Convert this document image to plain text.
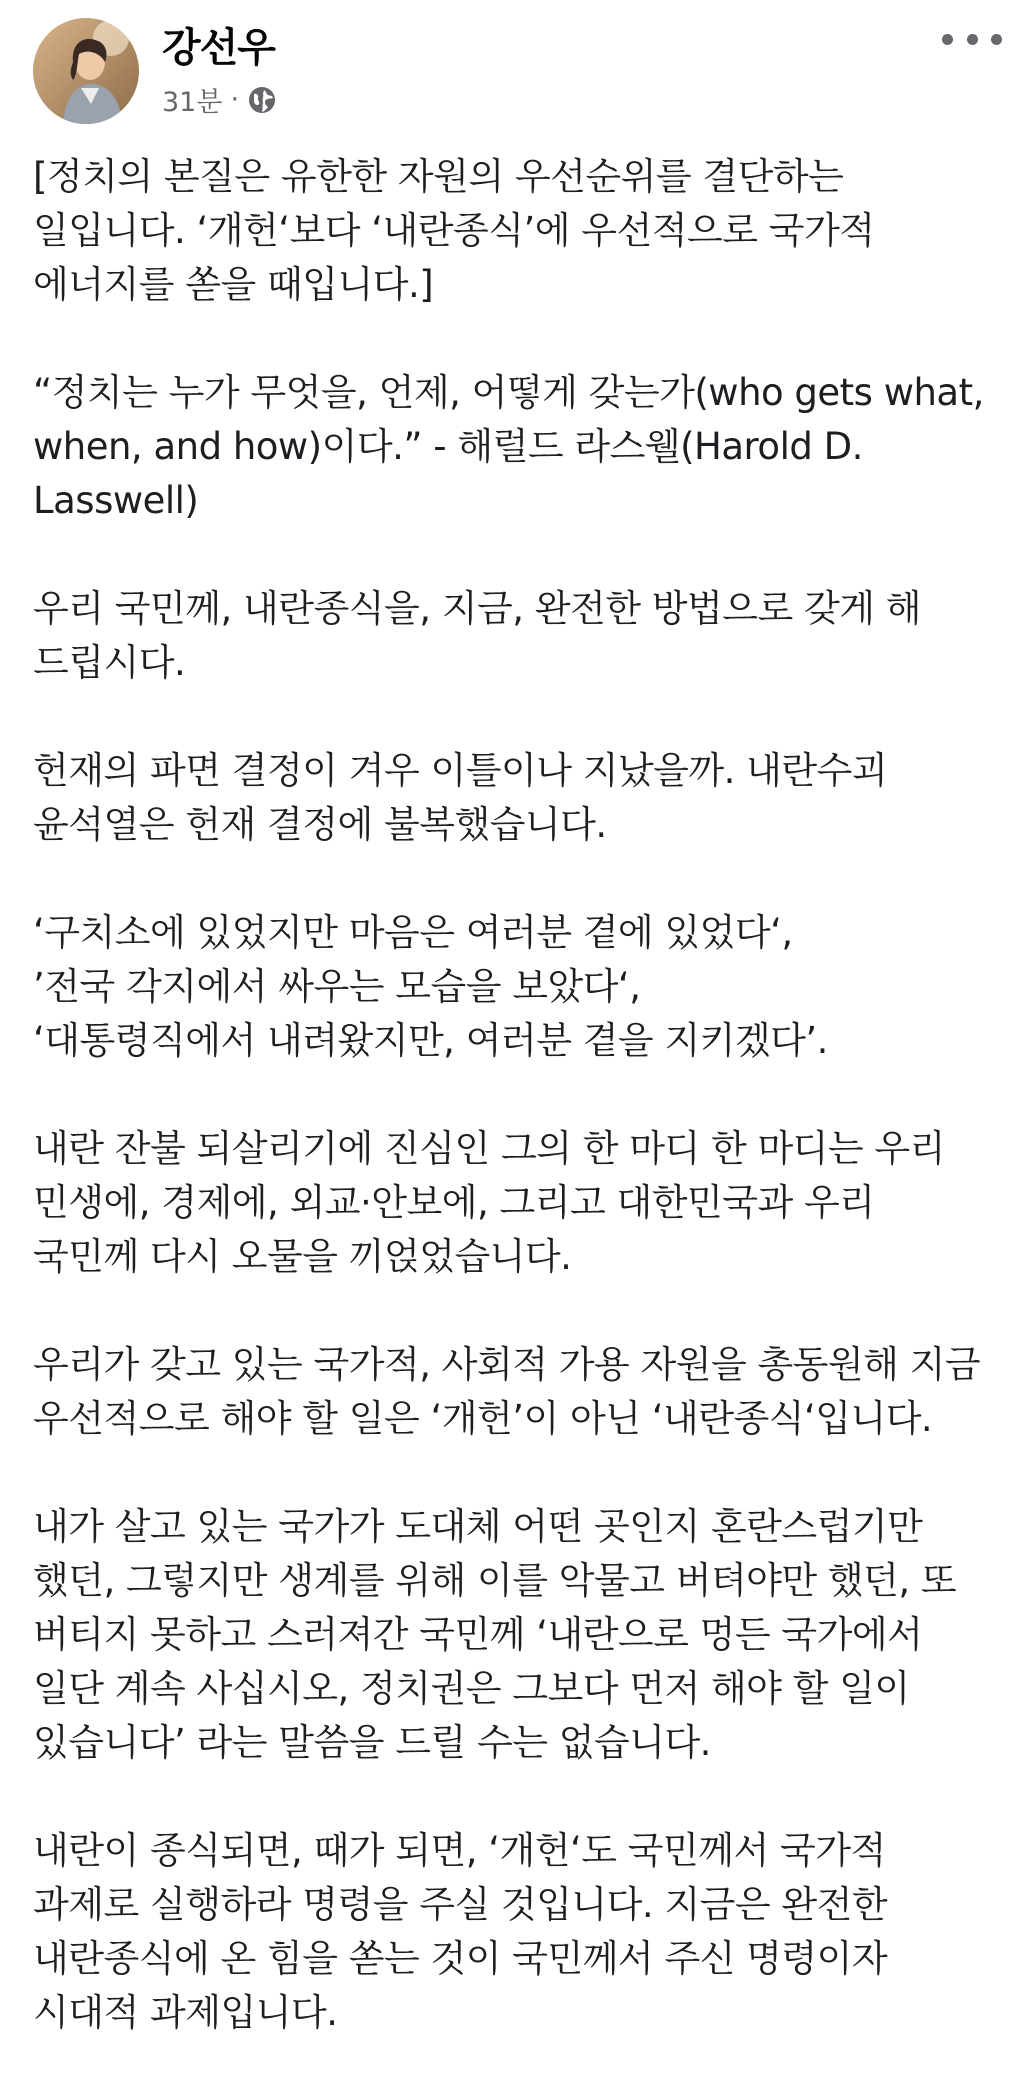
강선우
31분 ·

[정치의 본질은 유한한 자원의 우선순위를 결단하는
일입니다. ‘개헌‘보다 ‘내란종식’에 우선적으로 국가적
에너지를 쏟을 때입니다.]

“정치는 누가 무엇을, 언제, 어떻게 갖는가(who gets what,
when, and how)이다.” - 해럴드 라스웰(Harold D.
Lasswell)

우리 국민께, 내란종식을, 지금, 완전한 방법으로 갖게 해
드립시다.

헌재의 파면 결정이 겨우 이틀이나 지났을까. 내란수괴
윤석열은 헌재 결정에 불복했습니다.

‘구치소에 있었지만 마음은 여러분 곁에 있었다‘,
’전국 각지에서 싸우는 모습을 보았다‘,
‘대통령직에서 내려왔지만, 여러분 곁을 지키겠다’.

내란 잔불 되살리기에 진심인 그의 한 마디 한 마디는 우리
민생에, 경제에, 외교·안보에, 그리고 대한민국과 우리
국민께 다시 오물을 끼얹었습니다.

우리가 갖고 있는 국가적, 사회적 가용 자원을 총동원해 지금
우선적으로 해야 할 일은 ‘개헌’이 아닌 ‘내란종식‘입니다.

내가 살고 있는 국가가 도대체 어떤 곳인지 혼란스럽기만
했던, 그렇지만 생계를 위해 이를 악물고 버텨야만 했던, 또
버티지 못하고 스러져간 국민께 ‘내란으로 멍든 국가에서
일단 계속 사십시오, 정치권은 그보다 먼저 해야 할 일이
있습니다’ 라는 말씀을 드릴 수는 없습니다.

내란이 종식되면, 때가 되면, ‘개헌‘도 국민께서 국가적
과제로 실행하라 명령을 주실 것입니다. 지금은 완전한
내란종식에 온 힘을 쏟는 것이 국민께서 주신 명령이자
시대적 과제입니다.
